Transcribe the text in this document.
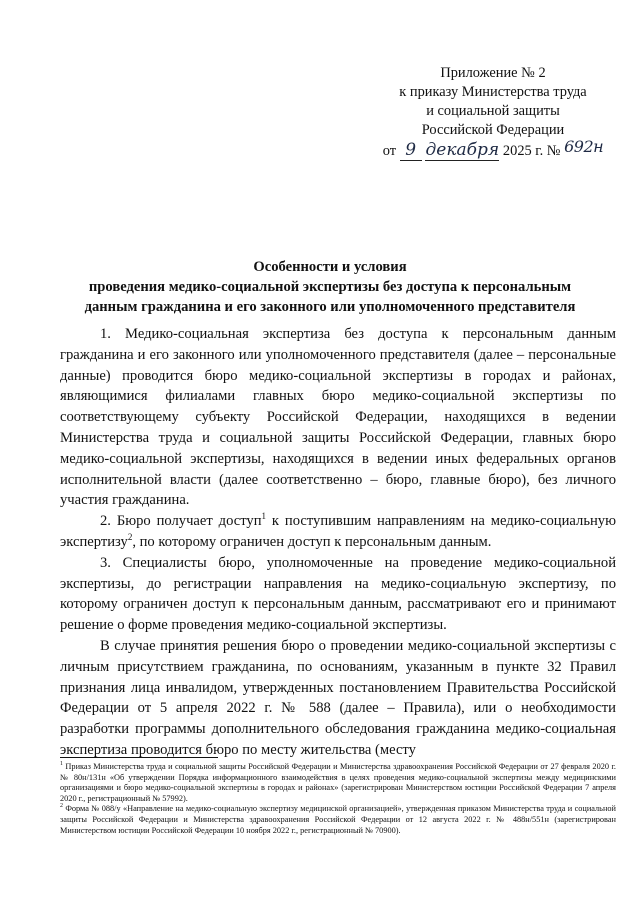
Приложение № 2
к приказу Министерства труда
и социальной защиты
Российской Федерации
от 9 декабря 2025 г. № 692н
Особенности и условия
проведения медико-социальной экспертизы без доступа к персональным
данным гражданина и его законного или уполномоченного представителя

1. Медико-социальная экспертиза без доступа к персональным данным гражданина и его законного или уполномоченного представителя (далее – персональные данные) проводится бюро медико-социальной экспертизы в городах и районах, являющимися филиалами главных бюро медико-социальной экспертизы по соответствующему субъекту Российской Федерации, находящихся в ведении Министерства труда и социальной защиты Российской Федерации, главных бюро медико-социальной экспертизы, находящихся в ведении иных федеральных органов исполнительной власти (далее соответственно – бюро, главные бюро), без личного участия гражданина.

2. Бюро получает доступ$^1$ к поступившим направлениям на медико-социальную экспертизу$^2$, по которому ограничен доступ к персональным данным.

3. Специалисты бюро, уполномоченные на проведение медико-социальной экспертизы, до регистрации направления на медико-социальную экспертизу, по которому ограничен доступ к персональным данным, рассматривают его и принимают решение о форме проведения медико-социальной экспертизы.

В случае принятия решения бюро о проведении медико-социальной экспертизы с личным присутствием гражданина, по основаниям, указанным в пункте 32 Правил признания лица инвалидом, утвержденных постановлением Правительства Российской Федерации от 5 апреля 2022 г. № 588 (далее – Правила), или о необходимости разработки программы дополнительного обследования гражданина медико-социальная экспертиза проводится бюро по месту жительства (месту

$^1$ Приказ Министерства труда и социальной защиты Российской Федерации и Министерства здравоохранения Российской Федерации от 27 февраля 2020 г. № 80н/131н «Об утверждении Порядка информационного взаимодействия в целях проведения медико-социальной экспертизы между медицинскими организациями и бюро медико-социальной экспертизы в городах и районах» (зарегистрирован Министерством юстиции Российской Федерации 7 апреля 2020 г., регистрационный № 57992).

$^2$ Форма № 088/у «Направление на медико-социальную экспертизу медицинской организацией», утвержденная приказом Министерства труда и социальной защиты Российской Федерации и Министерства здравоохранения Российской Федерации от 12 августа 2022 г. № 488н/551н (зарегистрирован Министерством юстиции Российской Федерации 10 ноября 2022 г., регистрационный № 70900).
